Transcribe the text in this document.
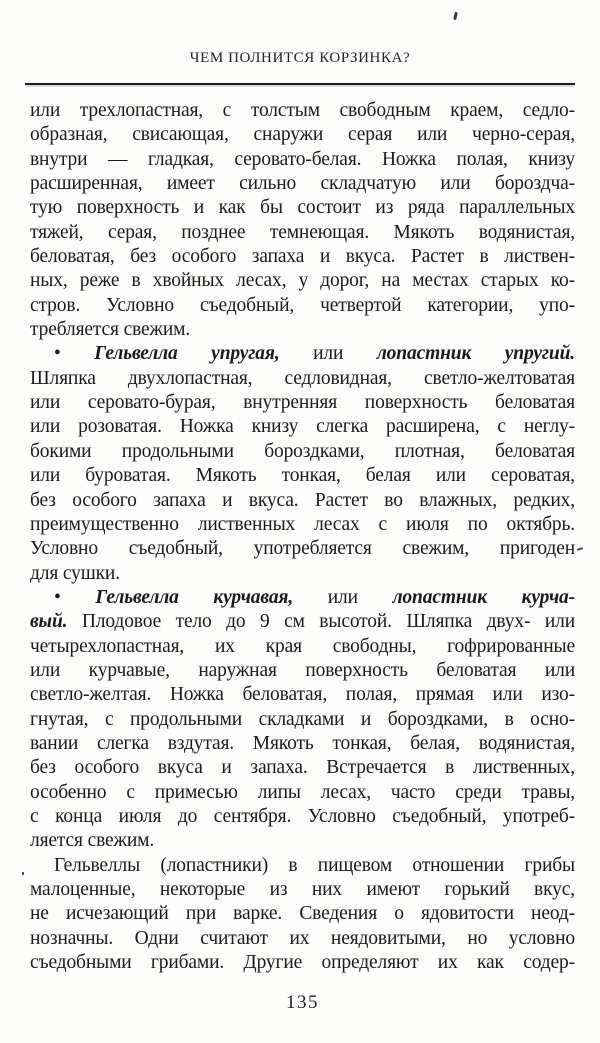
ЧЕМ ПОЛНИТСЯ КОРЗИНКА?
или трехлопастная, с толстым свободным краем, седло-
образная, свисающая, снаружи серая или черно-серая,
внутри — гладкая, серовато-белая. Ножка полая, книзу
расширенная, имеет сильно складчатую или бороздча-
тую поверхность и как бы состоит из ряда параллельных
тяжей, серая, позднее темнеющая. Мякоть водянистая,
беловатая, без особого запаха и вкуса. Растет в листвен-
ных, реже в хвойных лесах, у дорог, на местах старых ко-
стров. Условно съедобный, четвертой категории, упо-
требляется свежим.
• Гельвелла упругая, или лопастник упругий.
Шляпка двухлопастная, седловидная, светло-желтоватая
или серовато-бурая, внутренняя поверхность беловатая
или розоватая. Ножка книзу слегка расширена, с неглу-
бокими продольными бороздками, плотная, беловатая
или буроватая. Мякоть тонкая, белая или сероватая,
без особого запаха и вкуса. Растет во влажных, редких,
преимущественно лиственных лесах с июля по октябрь.
Условно съедобный, употребляется свежим, пригоден
для сушки.
• Гельвелла курчавая, или лопастник курча-
вый. Плодовое тело до 9 см высотой. Шляпка двух- или
четырехлопастная, их края свободны, гофрированные
или курчавые, наружная поверхность беловатая или
светло-желтая. Ножка беловатая, полая, прямая или изо-
гнутая, с продольными складками и бороздками, в осно-
вании слегка вздутая. Мякоть тонкая, белая, водянистая,
без особого вкуса и запаха. Встречается в лиственных,
особенно с примесью липы лесах, часто среди травы,
с конца июля до сентября. Условно съедобный, употреб-
ляется свежим.
Гельвеллы (лопастники) в пищевом отношении грибы
малоценные, некоторые из них имеют горький вкус,
не исчезающий при варке. Сведения о ядовитости неод-
нозначны. Одни считают их неядовитыми, но условно
съедобными грибами. Другие определяют их как содер-
135
